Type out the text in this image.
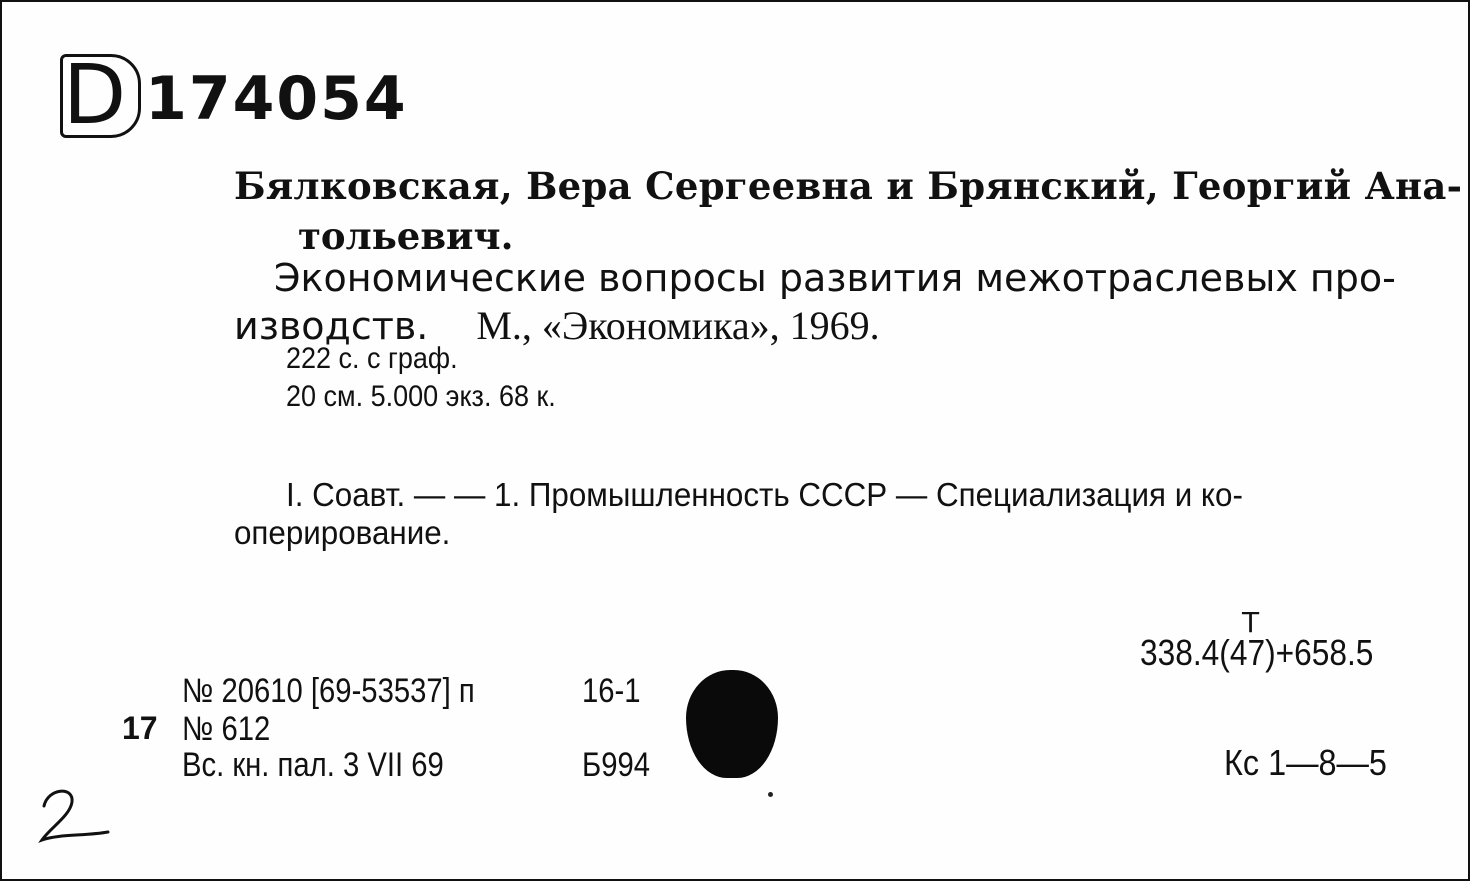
D 174054
Бялковская, Вера Сергеевна и Брянский, Георгий Ана-
тольевич.
Экономические вопросы развития межотраслевых про-
изводств. М., «Экономика», 1969.
222 с. с граф.
20 см. 5.000 экз. 68 к.
I. Соавт. — — 1. Промышленность СССР — Специализация и ко-
оперирование.
Т
338.4(47)+658.5
Кс 1—8—5
№ 20610 [69-53537] п
17 № 612
Вс. кн. пал. 3 VII 69
16-1
Б994
